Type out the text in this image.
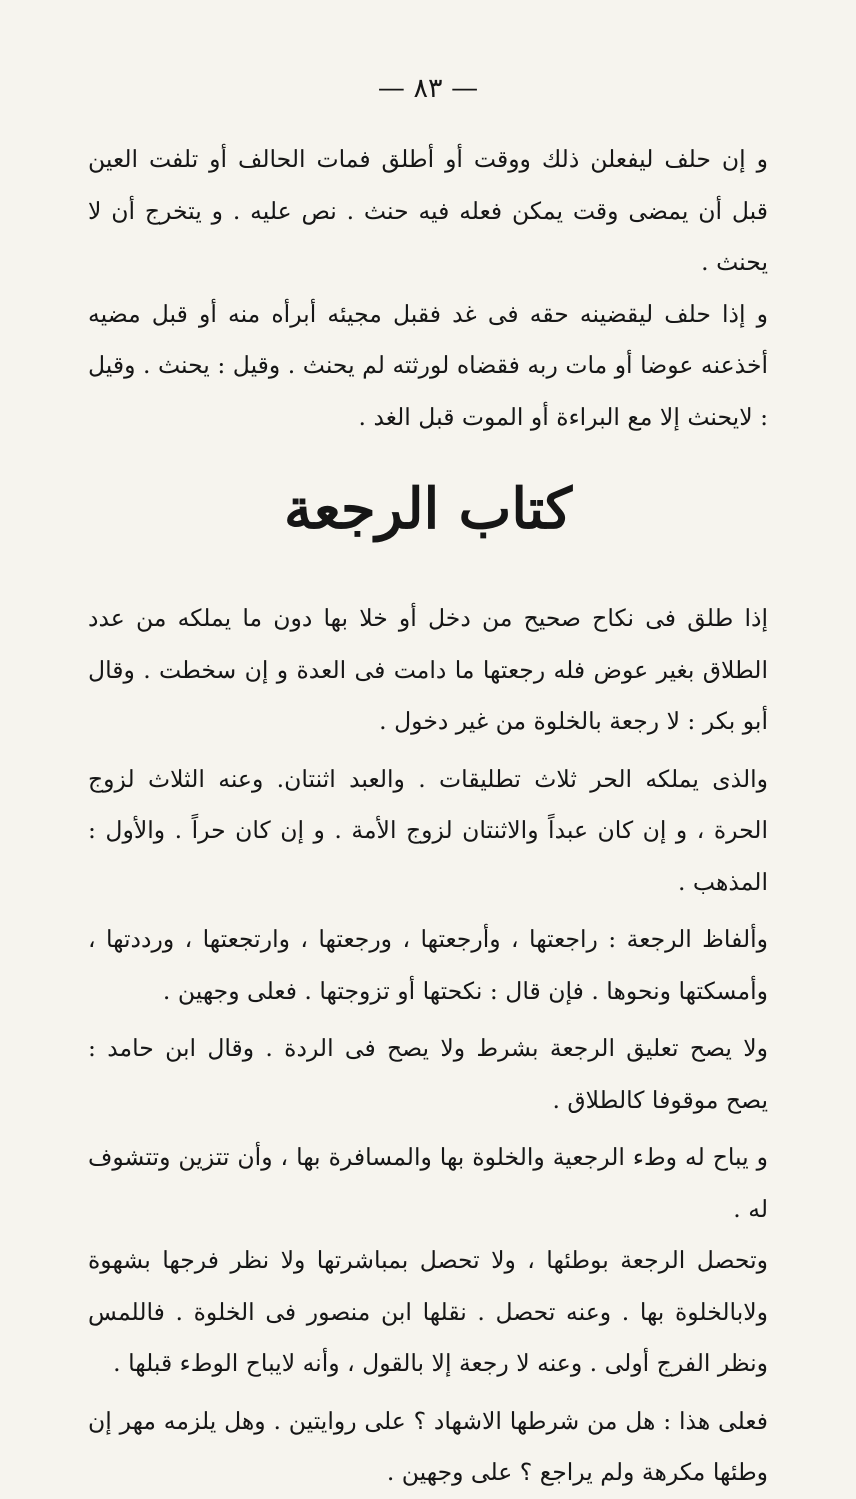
— ٨٣ —

و إن حلف ليفعلن ذلك ووقت أو أطلق فمات الحالف أو تلفت العين قبل أن يمضى وقت يمكن فعله فيه حنث . نص عليه . و يتخرج أن لا يحنث .

و إذا حلف ليقضينه حقه فى غد فقبل مجيئه أبرأه منه أو قبل مضيه أخذعنه عوضا أو مات ربه فقضاه لورثته لم يحنث . وقيل : يحنث . وقيل : لايحنث إلا مع البراءة أو الموت قبل الغد .

كتاب الرجعة

إذا طلق فى نكاح صحيح من دخل أو خلا بها دون ما يملكه من عدد الطلاق بغير عوض فله رجعتها ما دامت فى العدة و إن سخطت . وقال أبو بكر : لا رجعة بالخلوة من غير دخول .

والذى يملكه الحر ثلاث تطليقات . والعبد اثنتان. وعنه الثلاث لزوج الحرة ، و إن كان عبداً والاثنتان لزوج الأمة . و إن كان حراً . والأول : المذهب .

وألفاظ الرجعة : راجعتها ، وأرجعتها ، ورجعتها ، وارتجعتها ، ورددتها ، وأمسكتها ونحوها . فإن قال : نكحتها أو تزوجتها . فعلى وجهين .

ولا يصح تعليق الرجعة بشرط ولا يصح فى الردة . وقال ابن حامد : يصح موقوفا كالطلاق .

و يباح له وطء الرجعية والخلوة بها والمسافرة بها ، وأن تتزين وتتشوف له .

وتحصل الرجعة بوطئها ، ولا تحصل بمباشرتها ولا نظر فرجها بشهوة ولابالخلوة بها . وعنه تحصل . نقلها ابن منصور فى الخلوة . فاللمس ونظر الفرج أولى . وعنه لا رجعة إلا بالقول ، وأنه لايباح الوطء قبلها .

فعلى هذا : هل من شرطها الاشهاد ؟ على روايتين . وهل يلزمه مهر إن وطئها مكرهة ولم يراجع ؟ على وجهين .
